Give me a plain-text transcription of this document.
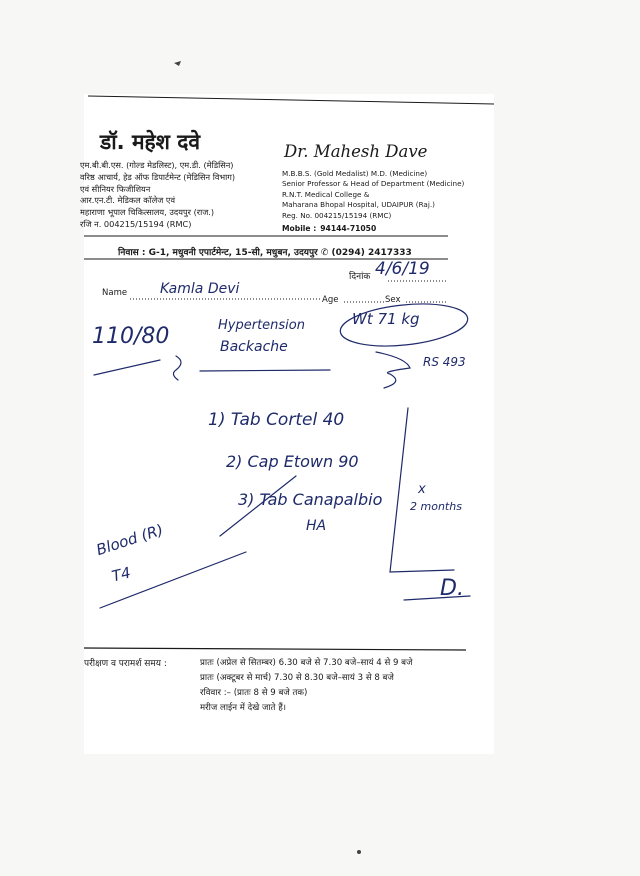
डॉ. महेश दवे
एम.बी.बी.एस. (गोल्ड मेडलिस्ट), एम.डी. (मेडिसिन)
वरिष्ठ आचार्य, हेड ऑफ डिपार्टमेन्ट (मेडिसिन विभाग)
एवं सीनियर फिजीशियन
आर.एन.टी. मेडिकल कॉलेज एवं
महाराणा भूपाल चिकित्सालय, उदयपुर (राज.)
रजि न. 004215/15194 (RMC)
Dr. Mahesh Dave
M.B.B.S. (Gold Medalist) M.D. (Medicine)
Senior Professor & Head of Department (Medicine)
R.N.T. Medical College &
Maharana Bhopal Hospital, UDAIPUR (Raj.)
Reg. No. 004215/15194 (RMC)
Mobile : 94144-71050
निवास : G-1, मधुवनी एपार्टमेन्ट, 15-सी, मधुबन, उदयपुर ✆ (0294) 2417333
दिनांक 4/6/19
Name Kamla Devi
Age	Sex
110/80
Wt 71 kg
Hypertension
Backache
RS 493
1) Tab Cortel 40
2) Cap Etown 90
3) Tab Canapalbio
HA
x
2 months
Blood (R)
T4
D.
परीक्षण व परामर्श समय :	प्रातः (अप्रेल से सितम्बर) 6.30 बजे से 7.30 बजे–सायं 4 से 9 बजे
प्रातः (अक्टूबर से मार्च) 7.30 से 8.30 बजे–सायं 3 से 8 बजे
रविवार :– (प्रातः 8 से 9 बजे तक)
मरीज लाईन में देखे जाते हैं।
